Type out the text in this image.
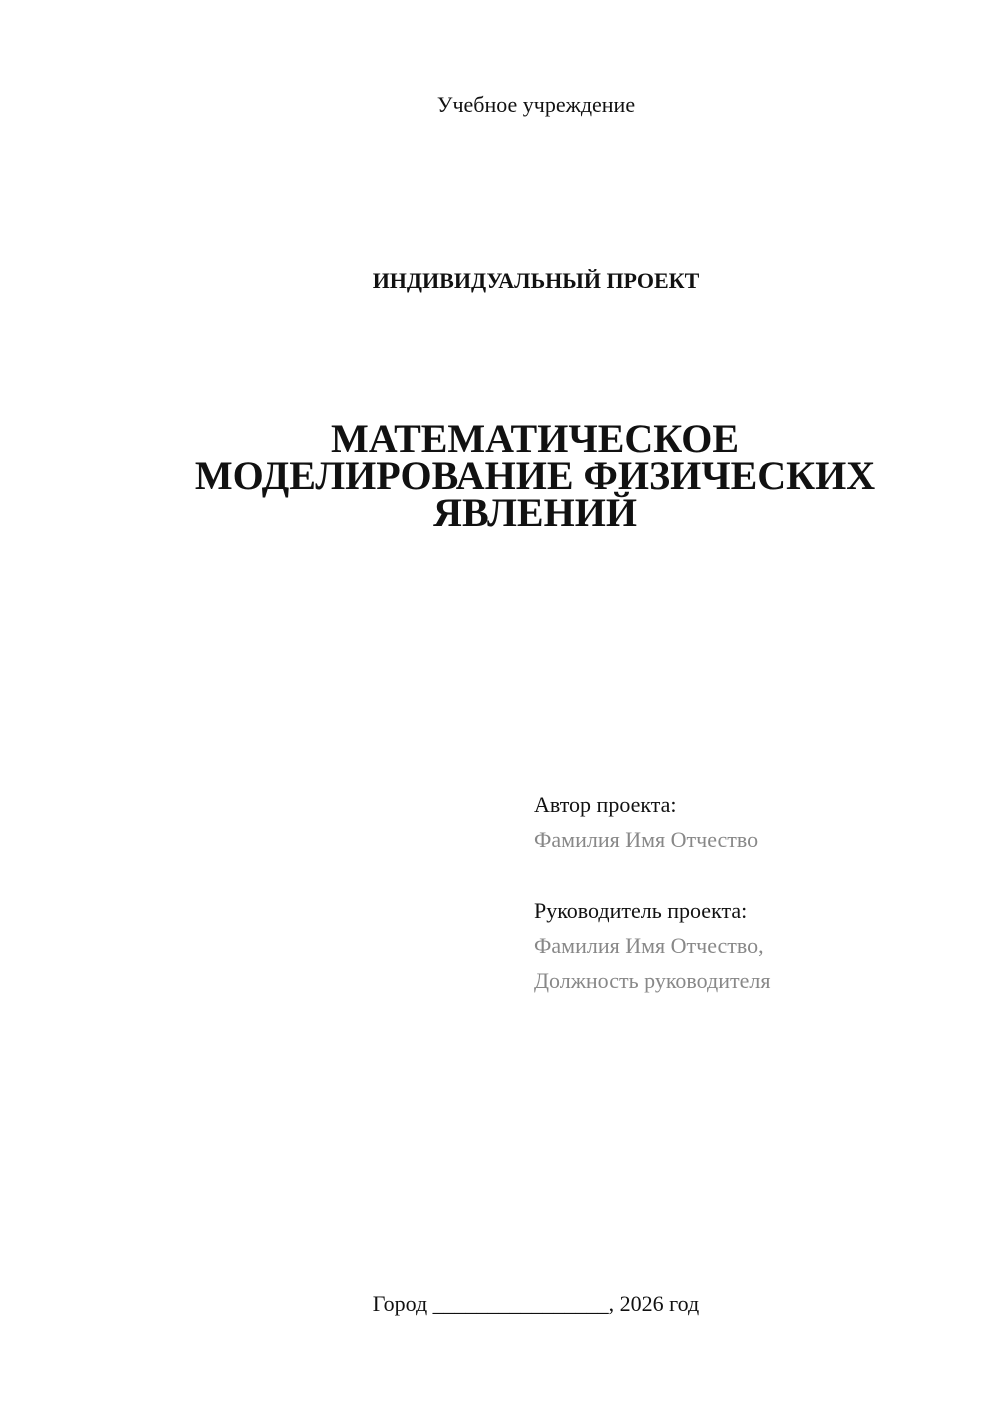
Учебное учреждение
ИНДИВИДУАЛЬНЫЙ ПРОЕКТ
МАТЕМАТИЧЕСКОЕ
МОДЕЛИРОВАНИЕ ФИЗИЧЕСКИХ
ЯВЛЕНИЙ
Автор проекта:
Фамилия Имя Отчество
Руководитель проекта:
Фамилия Имя Отчество,
Должность руководителя
Город ________________, 2026 год
